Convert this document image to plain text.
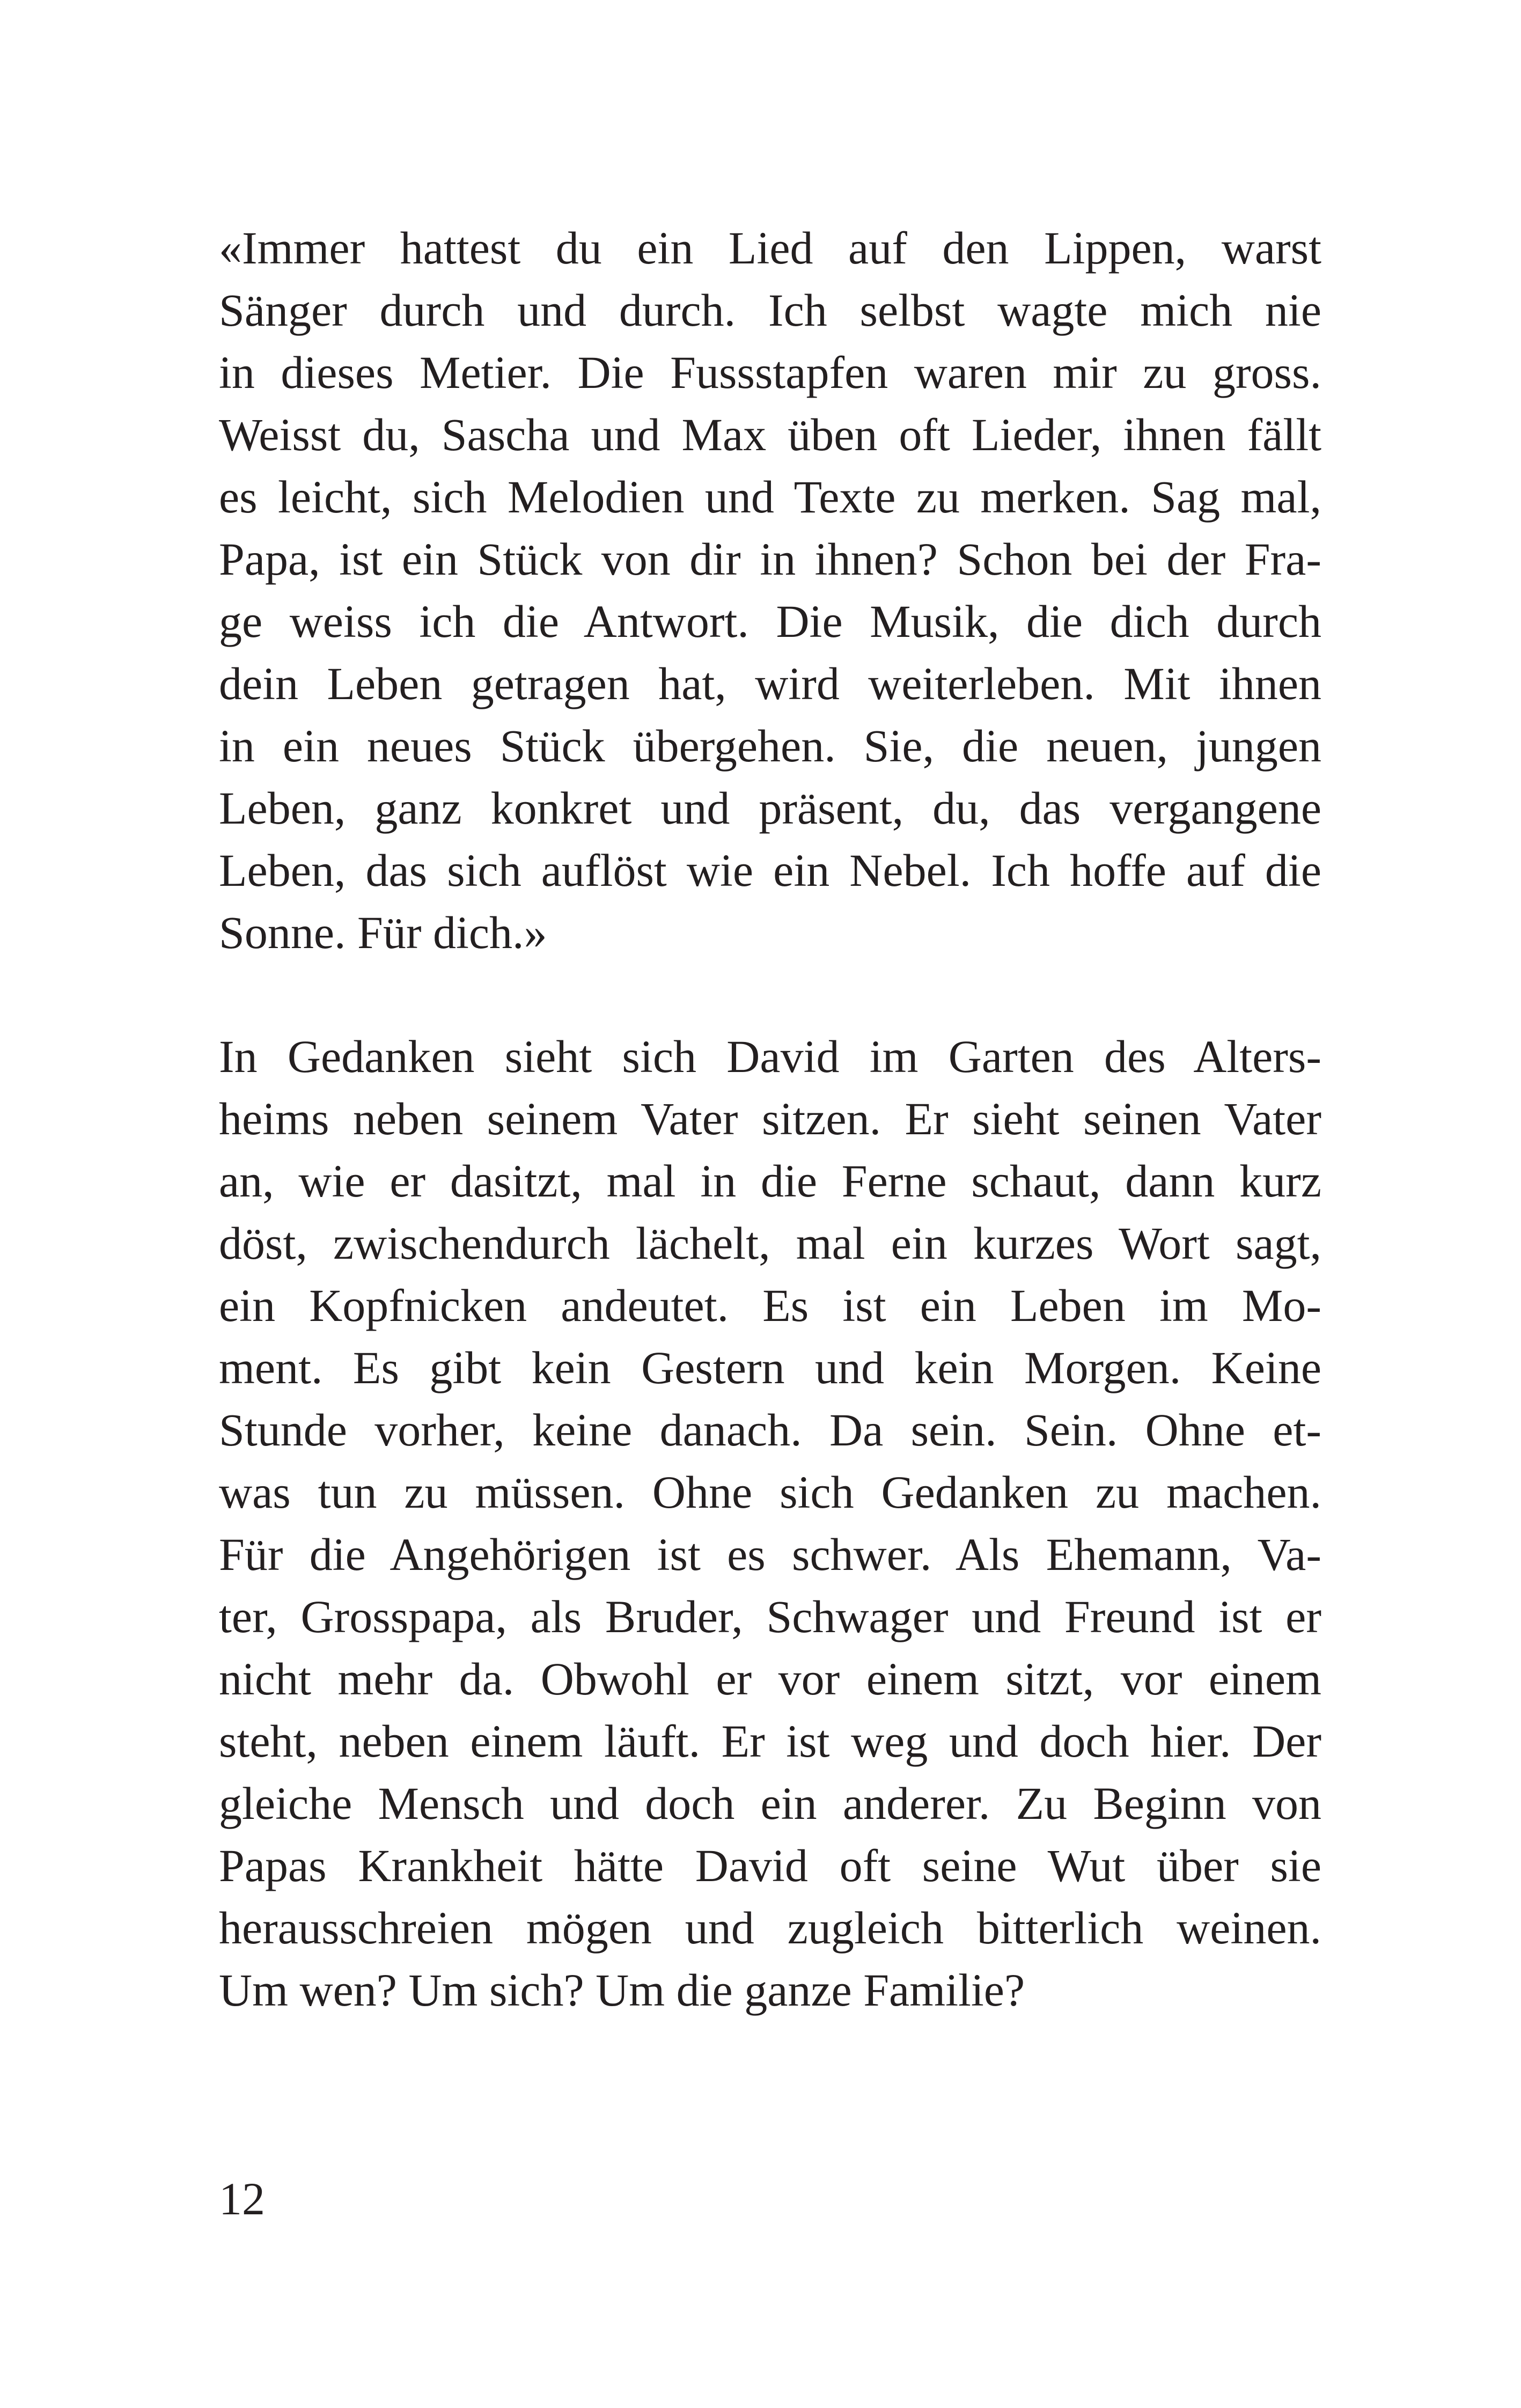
«Immer hattest du ein Lied auf den Lippen, warst
Sänger durch und durch. Ich selbst wagte mich nie
in dieses Metier. Die Fussstapfen waren mir zu gross.
Weisst du, Sascha und Max üben oft Lieder, ihnen fällt
es leicht, sich Melodien und Texte zu merken. Sag mal,
Papa, ist ein Stück von dir in ihnen? Schon bei der Fra-
ge weiss ich die Antwort. Die Musik, die dich durch
dein Leben getragen hat, wird weiterleben. Mit ihnen
in ein neues Stück übergehen. Sie, die neuen, jungen
Leben, ganz konkret und präsent, du, das vergangene
Leben, das sich auflöst wie ein Nebel. Ich hoffe auf die
Sonne. Für dich.»
In Gedanken sieht sich David im Garten des Alters-
heims neben seinem Vater sitzen. Er sieht seinen Vater
an, wie er dasitzt, mal in die Ferne schaut, dann kurz
döst, zwischendurch lächelt, mal ein kurzes Wort sagt,
ein Kopfnicken andeutet. Es ist ein Leben im Mo-
ment. Es gibt kein Gestern und kein Morgen. Keine
Stunde vorher, keine danach. Da sein. Sein. Ohne et-
was tun zu müssen. Ohne sich Gedanken zu machen.
Für die Angehörigen ist es schwer. Als Ehemann, Va-
ter, Grosspapa, als Bruder, Schwager und Freund ist er
nicht mehr da. Obwohl er vor einem sitzt, vor einem
steht, neben einem läuft. Er ist weg und doch hier. Der
gleiche Mensch und doch ein anderer. Zu Beginn von
Papas Krankheit hätte David oft seine Wut über sie
herausschreien mögen und zugleich bitterlich weinen.
Um wen? Um sich? Um die ganze Familie?
12
